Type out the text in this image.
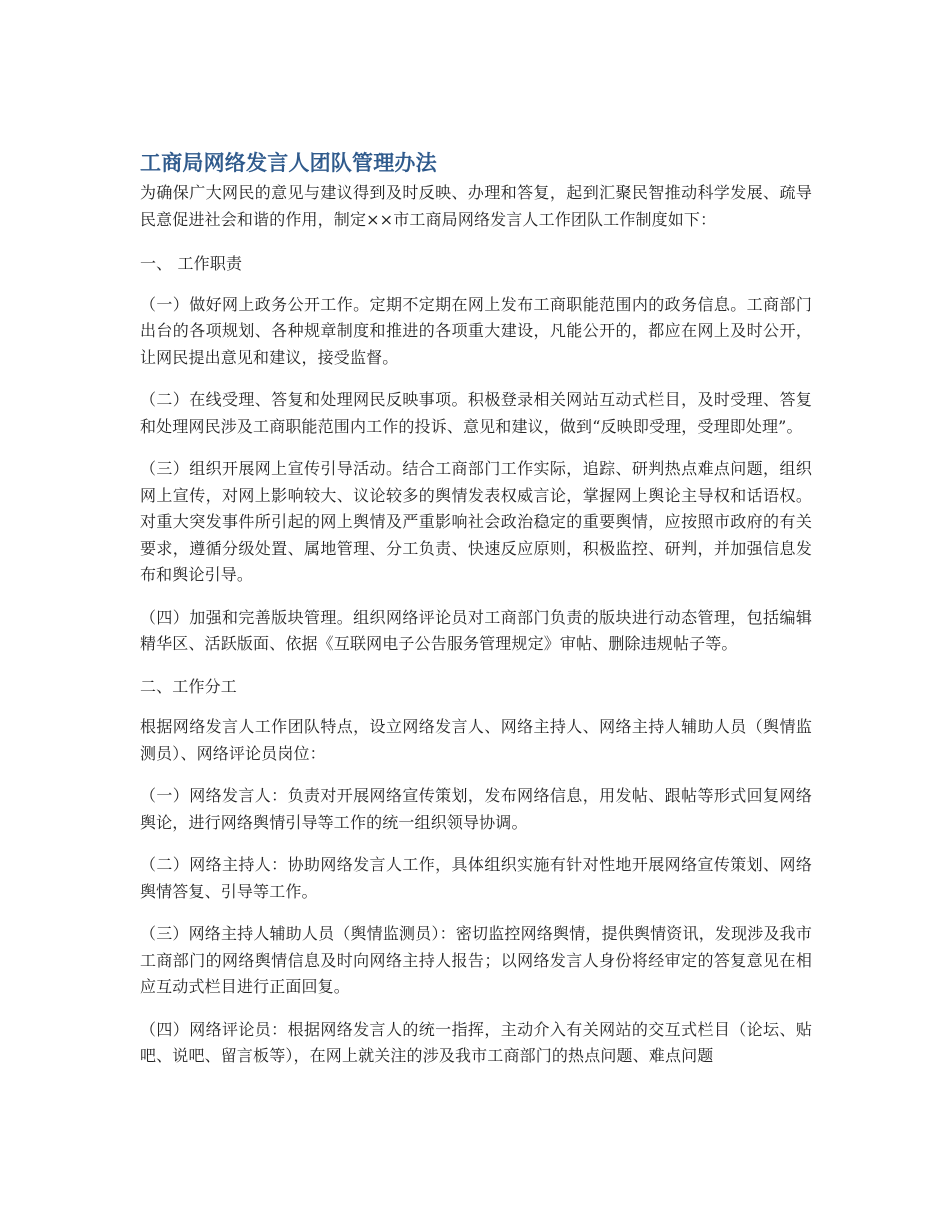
工商局网络发言人团队管理办法

为确保广大网民的意见与建议得到及时反映、办理和答复，起到汇聚民智推动科学发展、疏导民意促进社会和谐的作用，制定××市工商局网络发言人工作团队工作制度如下：

一、 工作职责

（一）做好网上政务公开工作。定期不定期在网上发布工商职能范围内的政务信息。工商部门出台的各项规划、各种规章制度和推进的各项重大建设，凡能公开的，都应在网上及时公开，让网民提出意见和建议，接受监督。

（二）在线受理、答复和处理网民反映事项。积极登录相关网站互动式栏目，及时受理、答复和处理网民涉及工商职能范围内工作的投诉、意见和建议，做到“反映即受理，受理即处理”。

（三）组织开展网上宣传引导活动。结合工商部门工作实际，追踪、研判热点难点问题，组织网上宣传，对网上影响较大、议论较多的舆情发表权威言论，掌握网上舆论主导权和话语权。对重大突发事件所引起的网上舆情及严重影响社会政治稳定的重要舆情，应按照市政府的有关要求，遵循分级处置、属地管理、分工负责、快速反应原则，积极监控、研判，并加强信息发布和舆论引导。

（四）加强和完善版块管理。组织网络评论员对工商部门负责的版块进行动态管理，包括编辑精华区、活跃版面、依据《互联网电子公告服务管理规定》审帖、删除违规帖子等。

二、工作分工

根据网络发言人工作团队特点，设立网络发言人、网络主持人、网络主持人辅助人员（舆情监测员）、网络评论员岗位：

（一）网络发言人：负责对开展网络宣传策划，发布网络信息，用发帖、跟帖等形式回复网络舆论，进行网络舆情引导等工作的统一组织领导协调。

（二）网络主持人：协助网络发言人工作，具体组织实施有针对性地开展网络宣传策划、网络舆情答复、引导等工作。

（三）网络主持人辅助人员（舆情监测员）：密切监控网络舆情，提供舆情资讯，发现涉及我市工商部门的网络舆情信息及时向网络主持人报告；以网络发言人身份将经审定的答复意见在相应互动式栏目进行正面回复。

（四）网络评论员：根据网络发言人的统一指挥，主动介入有关网站的交互式栏目（论坛、贴吧、说吧、留言板等），在网上就关注的涉及我市工商部门的热点问题、难点问题
